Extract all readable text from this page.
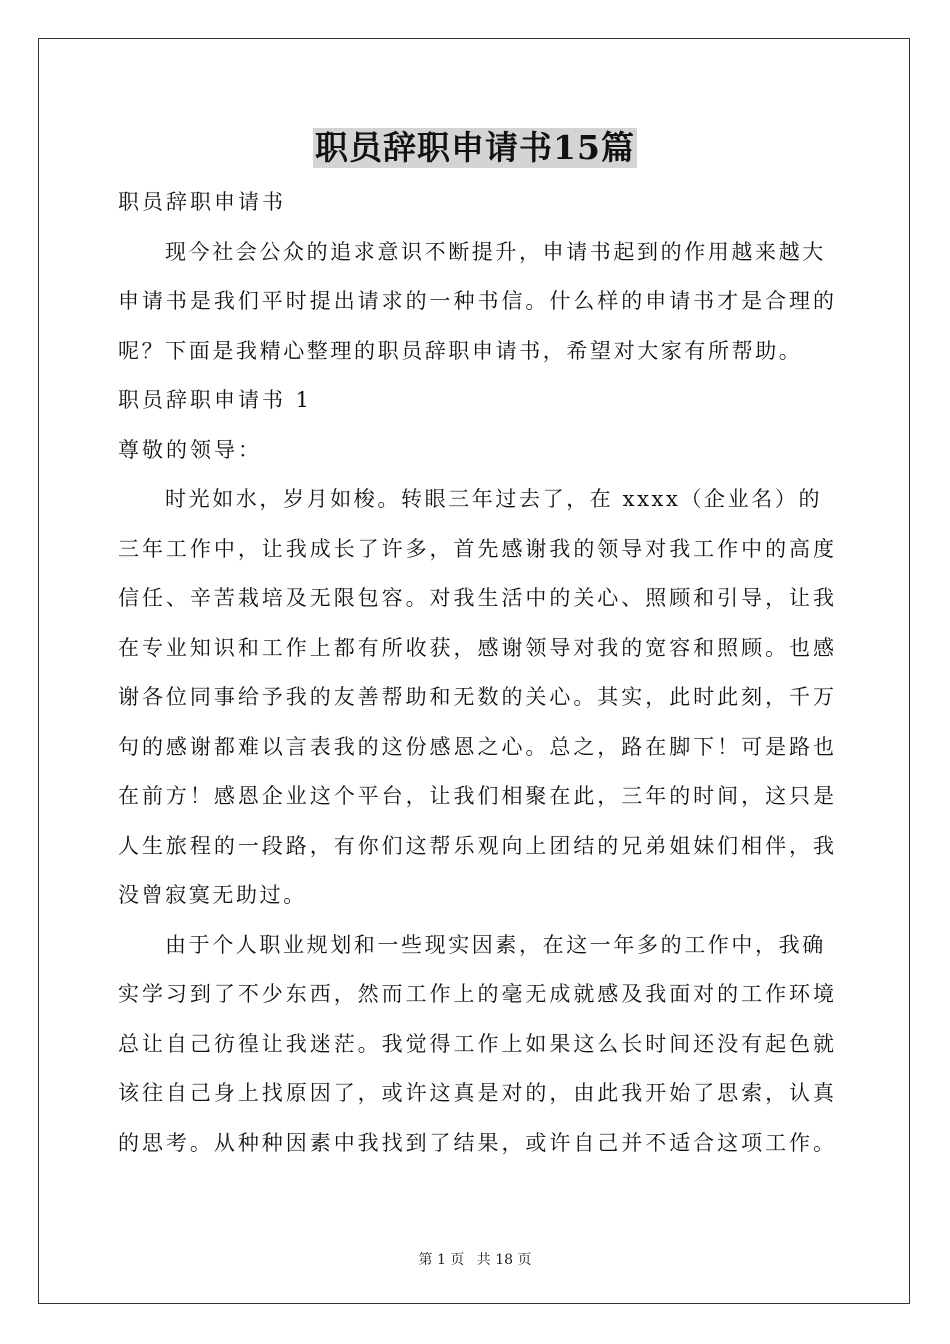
职员辞职申请书15篇
职员辞职申请书
现今社会公众的追求意识不断提升，申请书起到的作用越来越大
申请书是我们平时提出请求的一种书信。什么样的申请书才是合理的
呢？下面是我精心整理的职员辞职申请书，希望对大家有所帮助。
职员辞职申请书 1
尊敬的领导：
时光如水，岁月如梭。转眼三年过去了，在 xxxx（企业名）的
三年工作中，让我成长了许多，首先感谢我的领导对我工作中的高度
信任、辛苦栽培及无限包容。对我生活中的关心、照顾和引导，让我
在专业知识和工作上都有所收获，感谢领导对我的宽容和照顾。也感
谢各位同事给予我的友善帮助和无数的关心。其实，此时此刻，千万
句的感谢都难以言表我的这份感恩之心。总之，路在脚下！可是路也
在前方！感恩企业这个平台，让我们相聚在此，三年的时间，这只是
人生旅程的一段路，有你们这帮乐观向上团结的兄弟姐妹们相伴，我
没曾寂寞无助过。
由于个人职业规划和一些现实因素，在这一年多的工作中，我确
实学习到了不少东西，然而工作上的毫无成就感及我面对的工作环境
总让自己彷徨让我迷茫。我觉得工作上如果这么长时间还没有起色就
该往自己身上找原因了，或许这真是对的，由此我开始了思索，认真
的思考。从种种因素中我找到了结果，或许自己并不适合这项工作。
第 1 页 共 18 页
